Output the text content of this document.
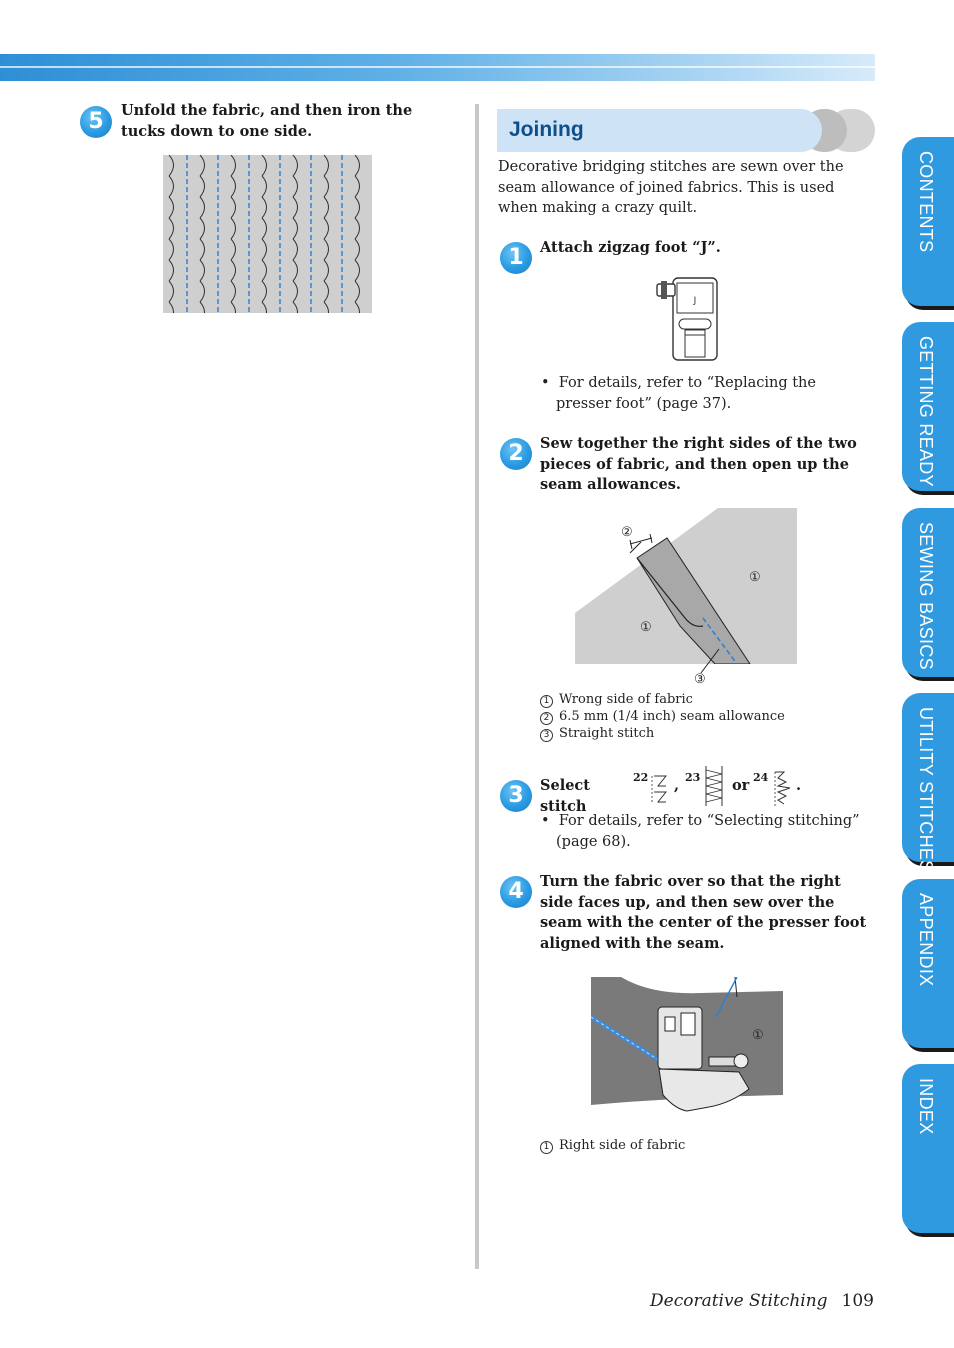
5	Unfold the fabric, and then iron the tucks down to one side.	Joining
Decorative bridging stitches are sewn over the seam allowance of joined fabrics. This is used when making a crazy quilt.
1	Attach zigzag foot “J”.
J
•  For details, refer to “Replacing the presser foot” (page 37).
2	Sew together the right sides of the two pieces of fabric, and then open up the seam allowances.
②
①
①
③
1 Wrong side of fabric
2 6.5 mm (1/4 inch) seam allowance
3 Straight stitch
3	Select stitch
22 , 23 or 24 .
•  For details, refer to “Selecting stitching” (page 68).
4	Turn the fabric over so that the right side faces up, and then sew over the seam with the center of the presser foot aligned with the seam.
①
1 Right side of fabric
CONTENTS
GETTING READY
SEWING BASICS
UTILITY STITCHES
APPENDIX
INDEX
Decorative Stitching 109
